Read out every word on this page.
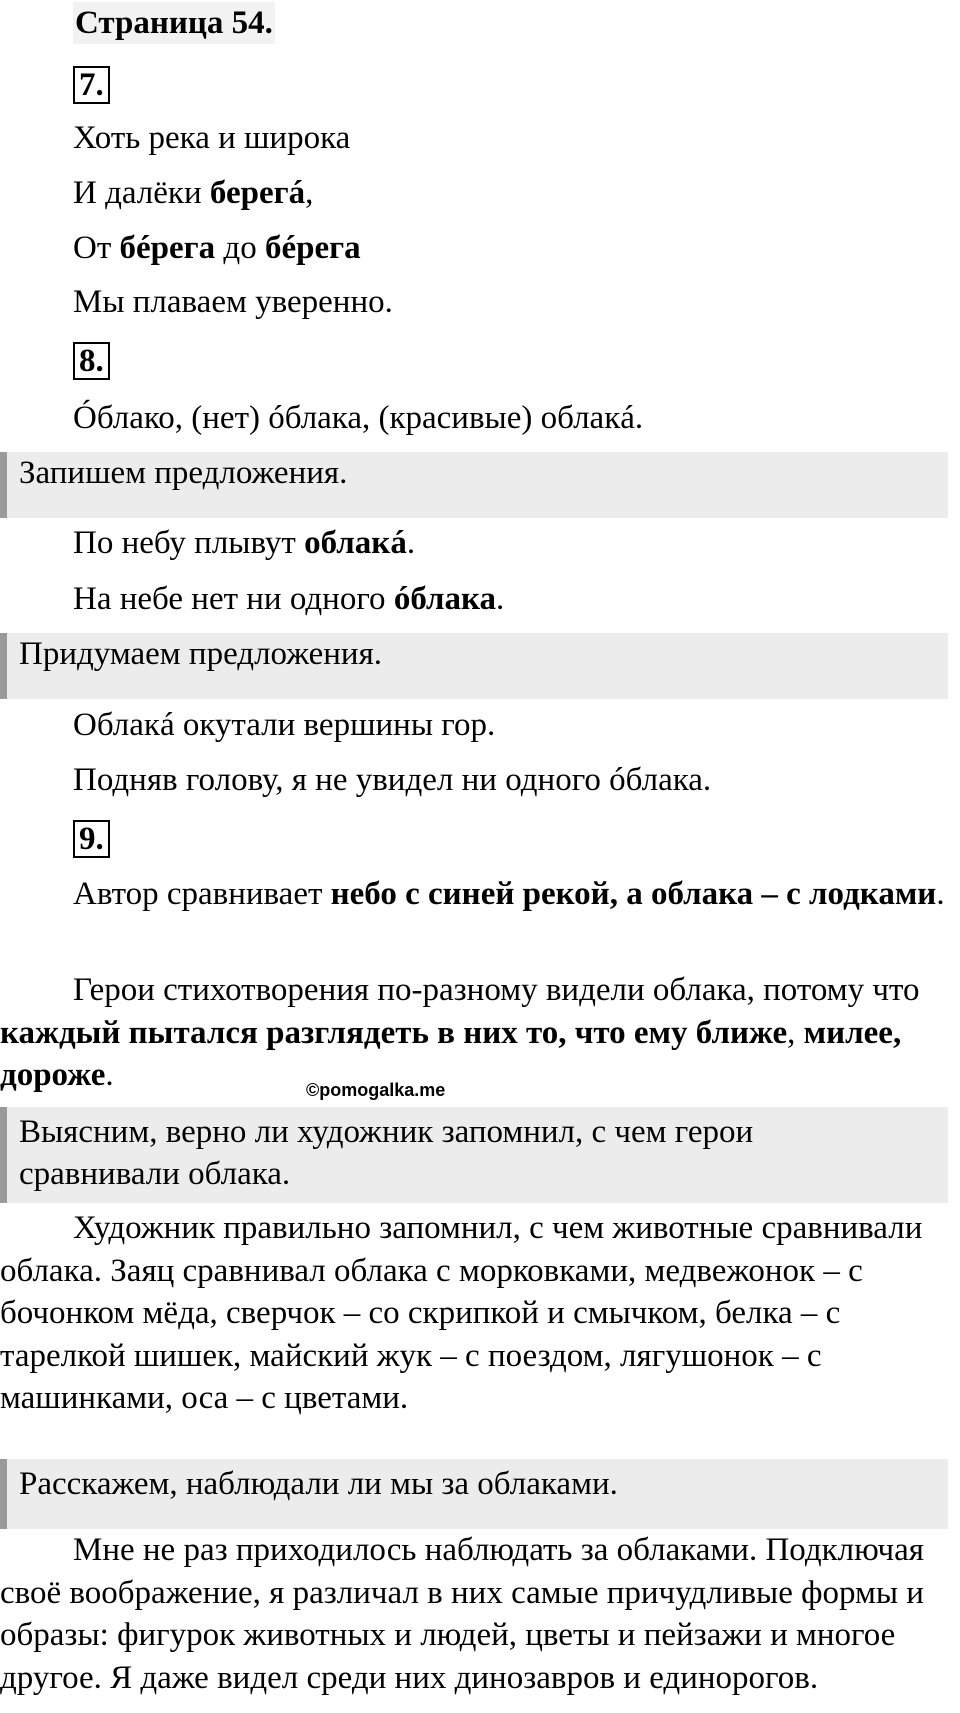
Страница 54.
7.
Хоть река и широка
И далёки берегá,
От бéрега до бéрега
Мы плаваем уверенно.
8.
Óблако, (нет) óблака, (красивые) облакá.
Запишем предложения.
По небу плывут облакá.
На небе нет ни одного óблака.
Придумаем предложения.
Облакá окутали вершины гор.
Подняв голову, я не увидел ни одного óблака.
9.
Автор сравнивает небо с синей рекой, а облака – с лодками.
Герои стихотворения по-разному видели облака, потому что каждый пытался разглядеть в них то, что ему ближе, милее, дороже.	©pomogalka.me
Выясним, верно ли художник запомнил, с чем герои сравнивали облака.
Художник правильно запомнил, с чем животные сравнивали облака. Заяц сравнивал облака с морковками, медвежонок – с бочонком мёда, сверчок – со скрипкой и смычком, белка – с тарелкой шишек, майский жук – с поездом, лягушонок – с машинками, оса – с цветами.
Расскажем, наблюдали ли мы за облаками.
Мне не раз приходилось наблюдать за облаками. Подключая своё воображение, я различал в них самые причудливые формы и образы: фигурок животных и людей, цветы и пейзажи и многое другое. Я даже видел среди них динозавров и единорогов.
